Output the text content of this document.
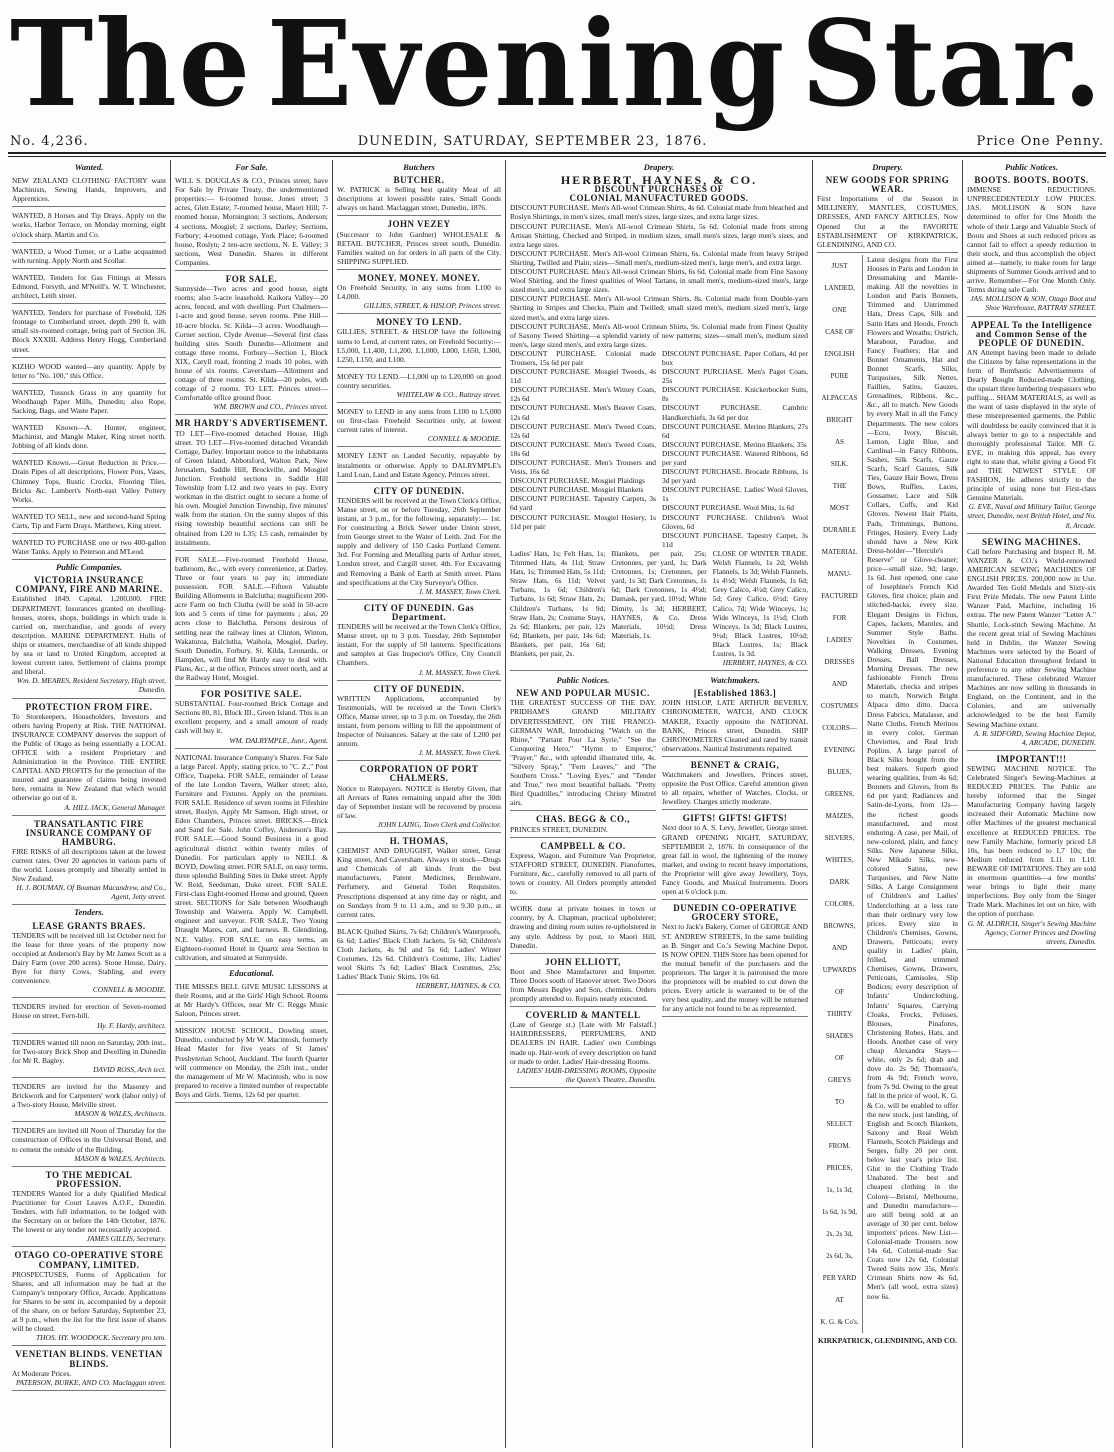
The Evening Star.
No. 4,236.	DUNEDIN, SATURDAY, SEPTEMBER 23, 1876.	Price One Penny.
Wanted.
NEW ZEALAND CLOTHING FACTORY want Machinists, Sewing Hands, Improvers, and Apprentices.
WANTED, 8 Horses and Tip Drays. Apply on the works, Harbor Terrace, on Monday morning, eight o'clock sharp. Martin and Co.
WANTED, a Wood Turner, or a Lathe acquainted with turning. Apply North and Scollar.
WANTED, Tenders for Gas Fittings at Messrs Edmond, Forsyth, and M'Neill's. W. T. Winchester, architect, Leith street.
WANTED, Tenders for purchase of Freehold, 326 frontage to Cumberland street, depth 290 ft, with small six-roomed cottage, being part of Section 36, Block XXXIII. Address Henry Hogg, Cumberland street.
KIZHO WOOD wanted—any quantity. Apply by letter to "No. 100," this Office.
WANTED, Tussock Grass in any quantity for Woodhaugh Paper Mills, Dunedin; also Rope, Sacking, Bags, and Waste Paper.
WANTED Known—A. Hunter, engineer, Machinist, and Mangle Maker, King street north. Jobbing of all kinds done.
WANTED Known.—Great Reduction in Price.—Drain Pipes of all descriptions, Flower Pots, Vases, Chimney Tops, Rustic Crocks, Flooring Tiles, Bricks &c. Lambert's North-east Valley Pottery Works.
WANTED TO SELL, new and second-hand Spring Carts, Tip and Farm Drays. Matthews, King street.
WANTED TO PURCHASE one or two 400-gallon Water Tanks. Apply to Peterson and M'Leod.
Public Companies.
VICTORIA INSURANCE COMPANY, FIRE AND MARINE.
Established 1849. Capital, 1,200,000. FIRE DEPARTMENT. Insurances granted on dwelling-houses, stores, shops, buildings in which trade is carried on, merchandise, and goods of every description. MARINE DEPARTMENT. Hulls of ships or steamers, merchandise of all kinds shipped by sea or land to United Kingdom, accepted at lowest current rates. Settlement of claims prompt and liberal.
Wm. D. MEARES, Resident Secretary, High street, Dunedin.
PROTECTION FROM FIRE.
To Storekeepers, Householders, Investors and others having Property at Risk. THE NATIONAL INSURANCE COMPANY deserves the support of the Public of Otago as being essentially a LOCAL OFFICE with a resident Proprietary and Administration in the Province. THE ENTIRE CAPITAL AND PROFITS for the protection of the insured and guarantee of claims being invested here, remains in New Zealand that which would otherwise go out of it.
A. HILL JACK, General Manager.
TRANSATLANTIC FIRE INSURANCE COMPANY OF HAMBURG.
FIRE RISKS of all descriptions taken at the lowest current rates. Over 20 agencies in various parts of the world. Losses promptly and liberally settled in New Zealand.
H. J. BOUMAN, Of Bouman Macandrew, and Co., Agent, Jetty street.
Tenders.
LEASE GRANTS BRAES.
TENDERS will be received till 1st October next for the lease for three years of the property now occupied at Anderson's Bay by Mr James Scott as a Dairy Farm (over 200 acres). Stone House, Dairy, Byre for thirty Cows, Stabling, and every convenience.
CONNELL & MOODIE.
TENDERS invited for erection of Seven-roomed House on street, Fern-hill.
Hy. F. Hardy, architect.
TENDERS wanted till noon on Saturday, 20th inst., for Two-story Brick Shop and Dwelling in Dunedin for Mr R. Bagley.
DAVID ROSS, Arch tect.
TENDERS are invited for the Masonry and Brickwork and for Carpenters' work (labor only) of a Two-story House, Melville street.
MASON & WALES, Architects.
TENDERS are invited till Noon of Thursday for the construction of Offices in the Universal Bond, and to cement the outside of the Building.
MASON & WALES, Architects.
TO THE MEDICAL PROFESSION.
TENDERS Wanted for a duly Qualified Medical Practitioner for Court Leaves A.O.F., Dunedin. Tenders, with full information, to be lodged with the Secretary on or before the 14th October, 1876. The lowest or any tender not necessarily accepted.
JAMES GILLIS, Secretary.
OTAGO CO-OPERATIVE STORE COMPANY, LIMITED.
PROSPECTUSES, Forms of Application for Shares, and all information may be had at the Company's temporary Office, Arcade. Applications for Shares to be sent in, accompanied by a deposit of the share, on or before Saturday, September 23, at 9 p.m., when the list for the first issue of shares will be closed.
THOS. HY. WOODOCK, Secretary pro tem.
VENETIAN BLINDS. VENETIAN BLINDS.
At Moderate Prices.
PATERSON, BURKE, AND CO. Maclaggan street.
For Sale.
WILL S. DOUGLAS & CO., Princes street, have For Sale by Private Treaty, the undermentioned properties:— 6-roomed house, Jones street; 3 acres, Glen Estate; 7-roomed house, Maori Hill; 7-roomed house, Mornington; 3 sections, Anderson; 4 sections, Mosgiel; 2 sections, Darley; Sections, Forbury; 4-roomed cottage, York Place; 6-roomed house, Roslyn; 2 ten-acre sections, N. E. Valley; 3 sections, West Dunedin. Shares in different Companies.
FOR SALE.
Sunnyside—Two acres and good house, eight rooms; also 5-acre leasehold. Kaikora Valley—20 acres, fenced, and with dwelling. Port Chalmers—1-acre and good house, seven rooms. Pine Hill—10-acre blocks. St. Kilda—3 acres. Woodhaugh—Corner section. Clyde Avenue—Several first class building sites South Dunedin—Allotment and cottage three rooms. Forbury—Section 1, Block XIX, Caryll road, fronting 2 roads 10 poles, with house of six rooms. Caversham—Allotment and cottage of three rooms. St. Kilda—20 poles, with cottage of 2 rooms. TO LET. Princes street—Comfortable office ground floor.
WM. BROWN and CO., Princes street.
MR HARDY'S ADVERTISEMENT.
TO LET—Five-roomed detached House, High street. TO LET—Five-roomed detached Verandah Cottage, Darley. Important notice to the inhabitants of Green Island, Abbotsford, Walton Park, New Jerusalem, Saddle Hill, Brockville, and Mosgiel Junction. Freehold sections in Saddle Hill Township from L12 and two years to pay. Every workman in the district ought to secure a home of his own. Mosgiel Junction Township, five minutes' walk from the station. On the sunny slopes of this rising township beautiful sections can still be obtained from L20 to L35; L5 cash, remainder by instalments.
FOR SALE.—Five-roomed Freehold House, bathroom, &c., with every convenience, at Darley. Three or four years to pay in; immediate possession. FOR SALE.—Fifteen Valuable Building Allotments in Balclutha; magnificent 200-acre Farm on Inch Clutha (will be sold in 50-acre lots and 5 cents of time for payments ; also, 20 acres close to Balclutha. Persons desirous of settling near the railway lines at Clinton, Winton, Wakaturoa, Balclutha, Waihola, Mosgiel, Darley, South Dunedin, Forbury, St. Kilda, Leonards, or Hampden, will find Mr Hardy easy to deal with. Plans, &c., at the office, Princes street north, and at the Railway Hotel, Mosgiel.
FOR POSITIVE SALE.
SUBSTANTIAL Four-roomed Brick Cottage and Sections 80, 81, Block III., Green Island. This is an excellent property, and a small amount of ready cash will buy it.
WM. DALRYMPLE, Junr., Agent.
NATIONAL Insurance Company's Shares. For Sale a large Parcel. Apply, stating price, to "C. Z.," Post Office, Tuapeka. FOR SALE, remainder of Lease of the late London Tavern, Walker street; also, Furniture and Fixtures. Apply on the premises. FOR SALE. Residence of seven rooms in Fifeshire street, Roslyn. Apply Mr Samson, High street, or Eden Chambers, Princes street. BRICKS.—Brick and Sand for Sale. John Coffey, Anderson's Bay. FOR SALE.—Good Sound Business in a good agricultural district within twenty miles of Dunedin. For particulars apply to NEILL & BOYD, Dowling street. FOR SALE, on easy terms, three splendid Building Sites in Duke street. Apply W. Reid, Seedsman, Duke street. FOR SALE. First-class Eight-roomed House and ground, Queen street. SECTIONS for Sale between Woodhaugh Township and Waiwera. Apply W. Campbell, engineer and surveyor. FOR SALE, Two Young Draught Mares, cart, and harness. R. Glendining, N.E. Valley. FOR SALE, on easy terms, an Eighteen-roomed Hotel in Quartz area Section in cultivation, and situated at Sunnyside.
Educational.
THE MISSES BELL GIVE MUSIC LESSONS at their Rooms, and at the Girls' High School. Rooms at Mr Hardy's Offices, near Mr C. Reggs Music Saloon, Princes street.
MISSION HOUSE SCHOOL, Dowling street, Dunedin, conducted by Mr W. Macintosh, formerly Head Master for five years of St James' Presbyterian School, Auckland. The fourth Quarter will commence on Monday, the 25th inst., under the management of Mr W. Macintosh, who is now prepared to receive a limited number of respectable Boys and Girls. Terms, 12s 6d per quarter.
Butchers
BUTCHER.
W. PATRICK is Selling best quality Meat of all descriptions at lowest possible rates. Small Goods always on hand. Maclaggan street, Dunedin, 1876.
JOHN VEZEY
(Successor to John Gardner) WHOLESALE & RETAIL BUTCHER, Princes street south, Dunedin. Families waited on for orders in all parts of the City. SHIPPING SUPPLIED.
MONEY. MONEY. MONEY.
On Freehold Security, in any sums from L100 to L4,000.
GILLIES, STREET, & HISLOP, Princes street.
MONEY TO LEND.
GILLIES, STREET, & HISLOP have the following sums to Lend, at current rates, on Freehold Security:—L5,000, L1,400, L1,200, L1,000, L800, L650, L300, L250, L150, and L100.
MONEY TO LEND.—L1,000 up to L20,000 on good country securities.
WHITELAW & CO., Rattray street.
MONEY to LEND in any sums from L100 to L5,000 on first-class Freehold Securities only, at lowest current rates of interest.
CONNELL & MOODIE.
MONEY LENT on Landed Security, repayable by instalments or otherwise. Apply to DALRYMPLE's Land Loan, Land and Estate Agency, Princes street.
CITY OF DUNEDIN.
TENDERS will be received at the Town Clerk's Office, Manse street, on or before Tuesday, 26th September instant, at 3 p.m., for the following, separately:— 1st. For constructing a Brick Sewer under Union street, from George street to the Water of Leith. 2nd. For the supply and delivery of 150 Casks Portland Cement. 3rd. For Forming and Metalling parts of Arthur street, London street, and Cargill street. 4th. For Excavating and Removing a Bank of Earth at Smith street. Plans and specifications at the City Surveyor's Office.
J. M. MASSEY, Town Clerk.
CITY OF DUNEDIN. Gas Department.
TENDERS will be received at the Town Clerk's Office, Manse street, up to 3 p.m. Tuesday, 26th September instant, For the supply of 50 lanterns. Specifications and samples at Gas Inspector's Office, City Council Chambers.
J. M. MASSEY, Town Clerk.
CITY OF DUNEDIN.
WRITTEN Applications, accompanied by Testimonials, will be received at the Town Clerk's Office, Manse street, up to 3 p.m. on Tuesday, the 26th instant, from persons willing to fill the appointment of Inspector of Nuisances. Salary at the rate of L200 per annum.
J. M. MASSEY, Town Clerk.
CORPORATION OF PORT CHALMERS.
Notice to Ratepayers. NOTICE is Hereby Given, that all Arrears of Rates remaining unpaid after the 30th day of September instant will be recovered by process of law.
JOHN LAING, Town Clerk and Collector.
H. THOMAS,
CHEMIST AND DRUGGIST, Walker street, Great King street, And Caversham. Always in stock—Drugs and Chemicals of all kinds from the best manufacturers, Patent Medicines, Brushware, Perfumery, and General Toilet Requisites. Prescriptions dispensed at any time day or night, and on Sundays from 9 to 11 a.m., and to 9.30 p.m., at current rates.
BLACK Quilted Skirts, 7s 6d; Children's Waterproofs, 6s 6d; Ladies' Black Cloth Jackets, 5s 6d; Children's Cloth Jackets, 4s 9d and 5s 6d; Ladies' Winter Costumes, 12s 6d. Children's Costume, 10s; Ladies' wool Skirts 7s 6d; Ladies' Black Costumes, 25s; Ladies' Black Tunic Skirts, 10s 6d.
HERBERT, HAYNES, & CO.
Drapery.
HERBERT, HAYNES, & CO.
DISCOUNT PURCHASES OF
COLONIAL MANUFACTURED GOODS.
DISCOUNT PURCHASE. Men's All-wool Crimean Shirts, 4s 6d. Colonial made from bleached and Roslyn Shirtings, in men's sizes, small men's sizes, large sizes, and extra large sizes.
DISCOUNT PURCHASE. Men's All-wool Crimean Shirts, 5s 6d. Colonial made from strong Artisan Shirting, Checked and Striped, in medium sizes, small men's sizes, large men's sizes, and extra large sizes.
DISCOUNT PURCHASE. Men's All-wool Crimean Shirts, 6s. Colonial made from heavy Striped Shirting, Twilled and Plain; sizes—Small men's, medium-sized men's, large men's, and extra large.
DISCOUNT PURCHASE. Men's All-wool Crimean Shirts, 6s 6d. Colonial made from Fine Saxony Wool Shirting, and the finest qualities of Wool Tartans, in small men's, medium-sized men's, large sized men's, and extra large sizes.
DISCOUNT PURCHASE. Men's All-wool Crimean Shirts, 8s. Colonial made from Double-yarn Shirting in Stripes and Checks, Plain and Twilled; small sized men's, medium sized men's, large sized men's, and extra large sizes.
DISCOUNT PURCHASE. Men's All-wool Crimean Shirts, 9s. Colonial made from Finest Quality of Saxony Tweed Shirting—a splendid variety of new patterns; sizes—small men's, medium sized men's, large sized men's, and extra large sizes.
DISCOUNT PURCHASE. Colonial made Trousers, 15s 6d per pair
DISCOUNT PURCHASE. Mosgiel Tweeds, 4s 11d
DISCOUNT PURCHASE. Men's Witney Coats, 12s 6d
DISCOUNT PURCHASE. Men's Beaver Coats, 12s 6d
DISCOUNT PURCHASE. Men's Tweed Coats, 12s 6d
DISCOUNT PURCHASE. Men's Tweed Coats, 18s 6d
DISCOUNT PURCHASE. Men's Trousers and Vests, 16s 6d
DISCOUNT PURCHASE. Mosgiel Plaidings
DISCOUNT PURCHASE. Mosgiel Blankets
DISCOUNT PURCHASE. Tapestry Carpets, 3s 6d yard
DISCOUNT PURCHASE. Mosgiel Hosiery, 1s 11d per pair
DISCOUNT PURCHASE. Paper Collars, 4d per box
DISCOUNT PURCHASE. Men's Paget Coats, 25s
DISCOUNT PURCHASE. Knickerbocker Suits, 8s
DISCOUNT PURCHASE. Cambric Handkerchiefs, 3s 6d per doz
DISCOUNT PURCHASE. Merino Blankets, 27s 6d
DISCOUNT PURCHASE. Merino Blankets, 35s
DISCOUNT PURCHASE. Watered Ribbons, 6d per yard
DISCOUNT PURCHASE. Brocade Ribbons, 1s 3d per yard
DISCOUNT PURCHASE. Ladies' Wool Gloves, 1s
DISCOUNT PURCHASE. Wool Mits, 1s 6d
DISCOUNT PURCHASE. Children's Wool Gloves, 6d
DISCOUNT PURCHASE. Tapestry Carpet, 3s 11d
Ladies' Hats, 1s; Felt Hats, 1s; Trimmed Hats, 4s 11d; Straw Hats, 1s; Trimmed Hats, 5s 11d; Straw Hats, 6s 11d; Velvet Turbans, 1s 6d; Children's Turbans, 1s 6d; Straw Hats, 2s; Children's Turbans, 1s 9d; Straw Hats, 2s; Costume Stays, 2s 6d; Blankets, per pair, 12s 6d; Blankets, per pair, 14s 6d; Blankets, per pair, 16s 6d; Blankets, per pair, 2s.
Blankets, per pair, 25s; Cretonnes, per yard, 1s; Dark Cretonnes, 1s; Cretonnes, per yard, 1s 3d; Dark Cretonnes, 1s 6d; Dark Cretonnes, 1s 4½d; Damask, per yard, 10½d; White Dimity, 1s 3d; HERBERT, HAYNES, & Co. Dress Materials, 10½d; Dress Materials, 1s.
CLOSE OF WINTER TRADE. Welsh Flannels, 1s 2d; Welsh Flannels, 1s 3d; Welsh Flannels, 1s 4½d; Welsh Flannels, 1s 6d; Grey Calico, 4½d; Grey Calico, 5d; Grey Calico, 6½d; Grey Calico, 7d; Wide Winceys, 1s; Wide Winceys, 1s 1½d; Cloth Winceys, 1s 3d; Black Lustres, 9½d; Black Lustres, 10½d; Black Lustres, 1s; Black Lustres, 1s 3d.
HERBERT, HAYNES, & CO.
Public Notices.
NEW AND POPULAR MUSIC.
THE GREATEST SUCCESS OF THE DAY. PRIDHAM'S GRAND MILITARY DIVERTISSEMENT, ON THE FRANCO-GERMAN WAR, Introducing "Watch on the Rhine," "Partant Pour La Syrie," "See the Conquering Hero," "Hymn to Emperor," "Prayer," &c., with splendid illustrated title, 4s. "Silvery Spray," "Fern Leaves," and "The Southern Cross." "Loving Eyes," and "Tender and True," two most beautiful ballads. "Pretty Bird Quadrilles," introducing Christy Minstrel airs.
CHAS. BEGG & CO.,
PRINCES STREET, DUNEDIN.
CAMPBELL & CO.
Express, Wagon, and Furniture Van Proprietor, STAFFORD STREET, DUNEDIN. Pianofortes, Furniture, &c., carefully removed to all parts of town or country. All Orders promptly attended to.
WORK done at private houses in town or country, by A. Chapman, practical upholsterer; drawing and dining room suites re-upholstered in any style. Address by post, to Maori Hill, Dunedin.
JOHN ELLIOTT,
Boot and Shoe Manufacturer and Importer. Three Doors south of Hanover street. Two Doors from Messrs Begley and Son, chemists. Orders promptly attended to. Repairs neatly executed.
COVERLID & MANTELL
(Late of George st.) [Late with Mr Falstaff.] HAIRDRESSERS, PERFUMERS, AND DEALERS IN HAIR. Ladies' own Combings made up. Hair-work of every description on hand or made to order. Ladies' Hair-dressing Rooms.
LADIES' HAIR-DRESSING ROOMS, Opposite the Queen's Theatre, Dunedin.
Watchmakers.
[Established 1863.]
JOHN HISLOP, LATE ARTHUR BEVERLY, CHRONOMETER, WATCH, AND CLOCK MAKER, Exactly opposite the NATIONAL BANK, Princes street, Dunedin. SHIP CHRONOMETERS Cleaned and rated by transit observations. Nautical Instruments repaired.
BENNET & CRAIG,
Watchmakers and Jewellers, Princes street, opposite the Post Office. Careful attention given to all repairs, whether of Watches, Clocks, or Jewellery. Charges strictly moderate.
GIFTS! GIFTS! GIFTS!
Next door to A. S. Levy, Jeweller, George street. GRAND OPENING NIGHT, SATURDAY, SEPTEMBER 2, 1876. In consequence of the great fall in wool, the tightening of the money market, and owing to recent heavy importations, the Proprietor will give away Jewellery, Toys, Fancy Goods, and Musical Instruments. Doors open at 6 o'clock p.m.
DUNEDIN CO-OPERATIVE GROCERY STORE,
Next to Jack's Bakery, Corner of GEORGE AND ST. ANDREW STREETS, In the same building as B. Singer and Co.'s Sewing Machine Depot, IS NOW OPEN. THIS Store has been opened for the mutual benefit of the purchasers and the proprietors. The larger it is patronised the more the proprietors will be enabled to cut down the prices. Every article is warranted to be of the very best quality, and the money will be returned for any article not found to be as represented.
Drapery.
NEW GOODS FOR SPRING WEAR.
First Importations of the Season in MILLINERY, MANTLES, COSTUMES, DRESSES, AND FANCY ARTICLES, Now Opened Out at the FAVORITE ESTABLISHMENT OF KIRKPATRICK, GLENDINING, AND CO.
JUST
LANDED,
ONE
CASE OF
ENGLISH
PURE
ALPACCAS
BRIGHT
AS
SILK.
THE
MOST
DURABLE
MATERIAL
MANU-
FACTURED
FOR
LADIES'
DRESSES
AND
COSTUMES
COLORS—
EVENING
BLUES,
GREENS,
MAIZES,
SILVERS,
WHITES,
DARK
COLORS,
BROWNS,
AND
UPWARDS
OF
THIRTY
SHADES
OF
GREYS
TO
SELECT
FROM.
PRICES,
1s, 1s 3d,
1s 6d, 1s 9d,
2s, 2s 3d,
2s 6d, 3s,
PER YARD
AT
K. G. & Co's.
Latest designs from the First Houses in Paris and London in Dressmaking and Mantle-making. All the novelties in London and Paris Bonnets, Trimmed and Untrimmed Hats, Dress Caps, Silk and Satin Hats and Hoods, French Flowers and Wreaths; Ostrich, Marabout, Paradise, and Fancy Feathers; Hat and Bonnet Ornaments, Hat and Bonnet Scarfs, Silks, Turquoises, Silk Nettes, Faillies, Satins, Gauzes, Grenadines, Ribbons, &c., &c., all to match. New Goods by every Mail in all the Fancy Departments. The new colors—Ecru, Ivory, Biscuit, Lemon, Light Blue, and Cardinal—in Fancy Ribbons, Sashes, Silk Scarfs, Gauze Scarfs, Scarf Gauzes, Silk Ties, Gauze Hair Bows, Dress Bows, Ruffles, Laces, Gossamer, Lace and Silk Collars, Cuffs, and Kid Gloves. Newest Hair Plaits, Pads, Trimmings, Buttons, Fringes, Hosiery. Every Lady should have a New Kirk Dress-holder—"Hercule's Reserve" or Glove-cleaner; price—small size, 9d; large, 1s 6d. Just opened, one case of Josephine's French Kid Gloves, first choice; plain and stitched-backs, every size. Elegant Designs in Fichus, Capes, Jackets, Mantles, and Summer Style Baths. Novelties in Costumes, Walking Dresses, Evening Dresses, Ball Dresses, Morning Dresses. The new fashionable French Dress Materials, checks and stripes to match, Norwich Bright Alpaca ditto ditto. Dacca Dress Fabrics, Matalasse, and Natte Cloths, French Merinos in every color, German Cheviottes, and Real Irish Poplins. A large parcel of Black Silks bought from the best makers. Superb good wearing qualities, from 4s 6d; Bonnets and Gloves, from 8s 6d per yard; Radiances and Satin-de-Lyons, from 12s—the richest goods manufactured, and most enduring. A case, per Mail, of new-colored, plain, and fancy Silks. New Japanese Silks, New Mikado Silks, new-colored Satins, new Turquoises, and New Natte Silks. A Large Consignment of Children's and Ladies' Underclothing at a less rate than their ordinary very low prices. Every size in Children's Chemises, Gowns, Drawers, Petticoats; every quality in Ladies' plain, frilled, and trimmed Chemises, Gowns, Drawers, Petticoats, Camisoles, Slip Bodices; every description of Infants' Underclothing, Infants' Squares, Carrying Cloaks, Frocks, Pelisses, Blouses, Pinafores, Christening Robes, Hats, and Hoods. Another case of very cheap Alexandra Stays—white, only 2s 6d; drab and dove do. 2s 9d; Thomson's, from 4s 9d; French wove, from 7s 9d. Owing to the great fall in the price of wool, K. G. & Co. will be enabled to offer the new stock, just landing, of English and Scotch Blankets, Saxony and Real Welsh Flannels, Scotch Plaidings and Serges, fully 20 per cent. below last year's price list. Glut in the Clothing Trade Unabated. The best and cheapest clothing in the Colony—Bristol, Melbourne, and Dunedin manufacture—are still being sold at an average of 30 per cent. below importers' prices. New List—Colonial-made Trousers now 14s 6d, Colonial-made Sac Coats now 12s 6d, Colonial Tweed Suits now 35s, Men's Crimean Shirts now 4s 6d, Men's (all wool, extra sizes) now 6s.
KIRKPATRICK, GLENDINING, AND CO.
Public Notices.
BOOTS. BOOTS. BOOTS.
IMMENSE REDUCTIONS. UNPRECEDENTEDLY LOW PRICES. JAS. MOLLISON & SON have determined to offer for One Month the whole of their Large and Valuable Stock of Boots and Shoes at such reduced prices as cannot fail to effect a speedy reduction in their stock, and thus accomplish the object aimed at—namely, to make room for large shipments of Summer Goods arrived and to arrive. Remember—For One Month Only. Terms during sale Cash.
JAS. MOLLISON & SON, Otago Boot and Shoe Warehouse, RATTRAY STREET.
APPEAL To the Intelligence and Common Sense of the PEOPLE OF DUNEDIN.
AN Attempt having been made to delude the Citizens by false representations in the form of Bombastic Advertisements of Dearly Bought Reduced-made Clothing, the upstart three lumbering trespassers who puffing... SHAM MATERIALS, as well as the want of taste displayed in the style of these misrepresented garments, the Public will doubtless be easily convinced that it is always better to go to a respectable and thoroughly professional Tailor. MR G. EVE, in making this appeal, has every right to state that, whilst giving a Good Fit and THE NEWEST STYLE OF FASHION, He adheres strictly to the principle of using none but First-class Genuine Materials.
G. EVE, Naval and Military Tailor, George street, Dunedin, next British Hotel, and No. 8, Arcade.
SEWING MACHINES.
Call before Purchasing and Inspect R. M. WANZER & CO.'s World-renowned AMERICAN SEWING MACHINES OF ENGLISH PRICES. 200,000 now in Use. Awarded Ten Gold Medals and Sixty-six First Prize Medals. The new Patent Little Wanzer Paid, Machine, including 16 extras. The new Patent Wanzer "Letter A." Shuttle, Lock-stitch Sewing Machine. At the recent great trial of Sewing Machines held in Dublin, the Wanzer Sewing Machines were selected by the Board of National Education throughout Ireland in preference to any other Sewing Machine manufactured. These celebrated Wanzer Machines are now selling in thousands in England, on the Continent, and in the Colonies, and are universally acknowledged to be the best Family Sewing Machine extant.
A. R. SIDFORD, Sewing Machine Depot, 4, ARCADE, DUNEDIN.
IMPORTANT!!!
SEWING MACHINE NOTICE. The Celebrated Singer's Sewing-Machines at REDUCED PRICES. The Public are hereby informed that the Singer Manufacturing Company having largely increased their Automatic Machine now offer Machines of the greatest mechanical excellence at REDUCED PRICES. The new Family Machine, formerly priced L8 10s, has been reduced to L7 10s; the Medium reduced from L11 to L10. BEWARE OF IMITATIONS. They are sold in enormous quantities—a few months' wear brings to light their many imperfections. Buy only from the Singer Trade Mark. Machines let out on hire, with the option of purchase.
G. M. ALDRICH, Singer's Sewing Machine Agency, Corner Princes and Dowling streets, Dunedin.
